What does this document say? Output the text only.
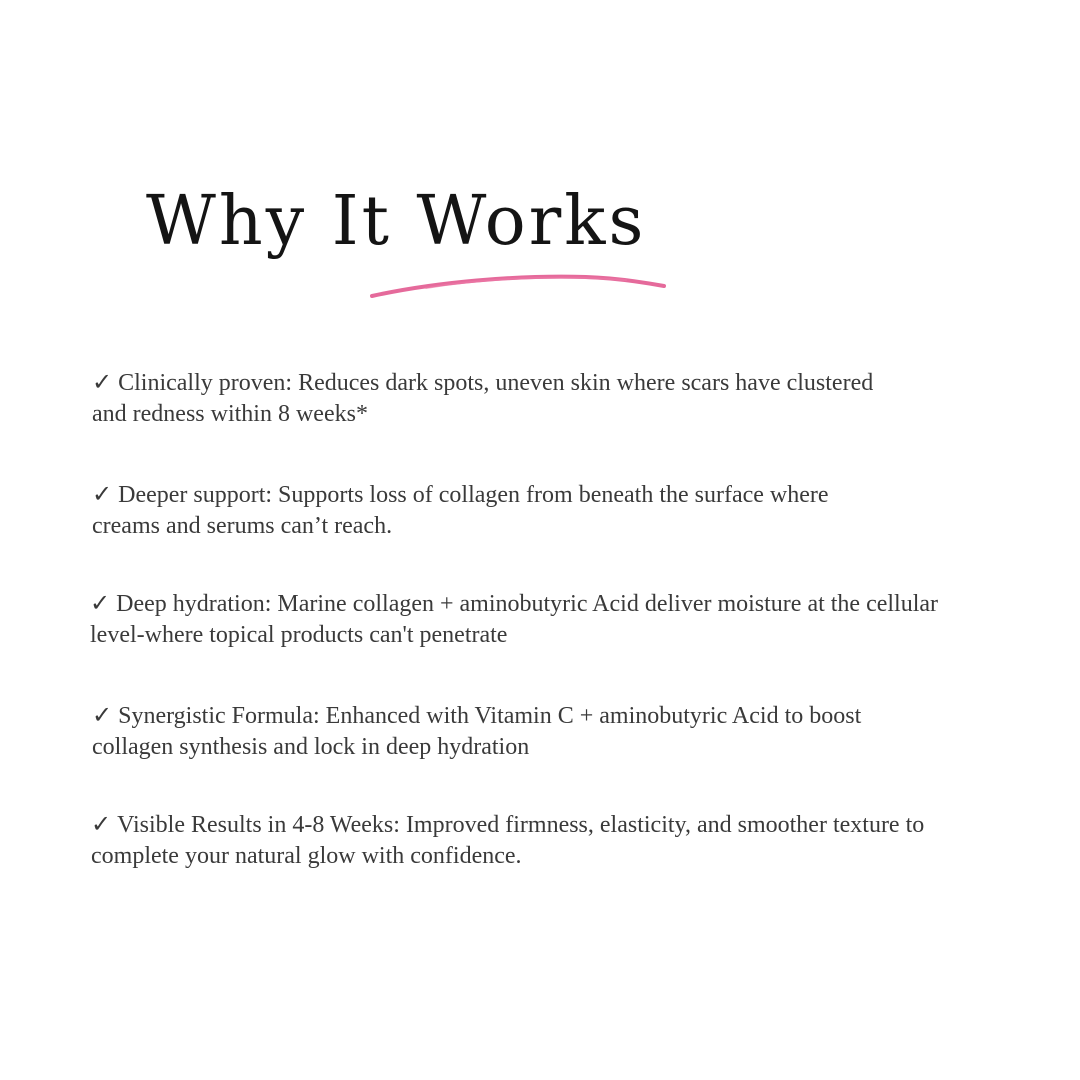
Why It Works
✓ Clinically proven: Reduces dark spots, uneven skin where scars have clustered
and redness within 8 weeks*
✓ Deeper support: Supports loss of collagen from beneath the surface where
creams and serums can’t reach.
✓ Deep hydration: Marine collagen + aminobutyric Acid deliver moisture at the cellular
level-where topical products can't penetrate
✓ Synergistic Formula: Enhanced with Vitamin C + aminobutyric Acid to boost
collagen synthesis and lock in deep hydration
✓ Visible Results in 4-8 Weeks: Improved firmness, elasticity, and smoother texture to
complete your natural glow with confidence.
